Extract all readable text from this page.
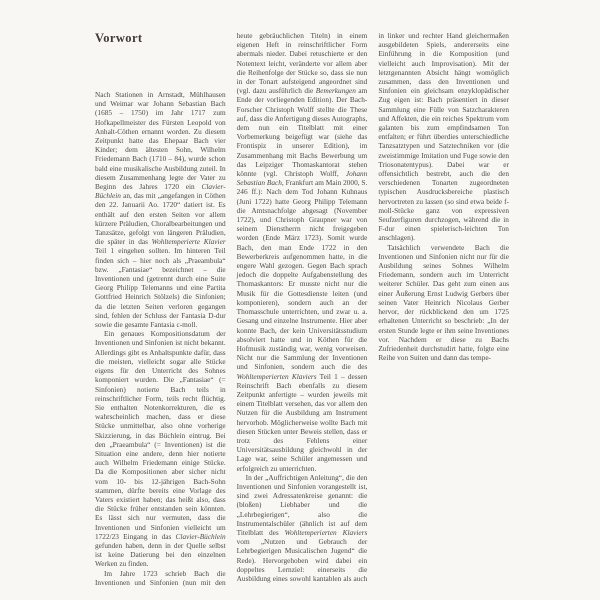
Vorwort

Nach Stationen in Arnstadt, Mühlhausen und Weimar war Johann Sebastian Bach (1685 – 1750) im Jahr 1717 zum Hofkapellmeister des Fürsten Leopold von Anhalt-Cöthen ernannt worden. Zu diesem Zeitpunkt hatte das Ehepaar Bach vier Kinder; dem ältesten Sohn, Wilhelm Friedemann Bach (1710 – 84), wurde schon bald eine musikalische Ausbildung zuteil. In diesem Zusammenhang legte der Vater zu Beginn des Jahres 1720 ein Clavier-Büchlein an, das mit „angefangen in Cöthen den 22. Januarii Ao. 1720“ datiert ist. Es enthält auf den ersten Seiten vor allem kürzere Präludien, Choralbearbeitungen und Tanzsätze, gefolgt von längeren Präludien, die später in das Wohltemperierte Klavier Teil 1 eingehen sollten. Im hinteren Teil finden sich – hier noch als „Praeambula“ bzw. „Fantasiae“ bezeichnet – die Inventionen und (getrennt durch eine Suite Georg Philipp Telemanns und eine Partita Gottfried Heinrich Stölzels) die Sinfonien; da die letzten Seiten verloren gegangen sind, fehlen der Schluss der Fantasia D-dur sowie die gesamte Fantasia c-moll.

Ein genaues Kompositionsdatum der Inventionen und Sinfonien ist nicht bekannt. Allerdings gibt es Anhaltspunkte dafür, dass die meisten, vielleicht sogar alle Stücke eigens für den Unterricht des Sohnes komponiert wurden. Die „Fantasiae“ (= Sinfonien) notierte Bach teils in reinschriftlicher Form, teils recht flüchtig. Sie enthalten Notenkorrekturen, die es wahrscheinlich machen, dass er diese Stücke unmittelbar, also ohne vorherige Skizzierung, in das Büchlein eintrug. Bei den „Praeambula“ (= Inventionen) ist die Situation eine andere, denn hier notierte auch Wilhelm Friedemann einige Stücke. Da die Kompositionen aber sicher nicht vom 10- bis 12-jährigen Bach-Sohn stammen, dürfte bereits eine Vorlage des Vaters existiert haben; das heißt also, dass die Stücke früher entstanden sein könnten. Es lässt sich nur vermuten, dass die Inventionen und Sinfonien vielleicht um 1722/23 Eingang in das Clavier-Büchlein gefunden haben, denn in der Quelle selbst ist keine Datierung bei den einzelnen Werken zu finden.

Im Jahre 1723 schrieb Bach die Inventionen und Sinfonien (nun mit den heute gebräuchlichen Titeln) in einem eigenen Heft in reinschriftlicher Form abermals nieder. Dabei retuschierte er den Notentext leicht, veränderte vor allem aber die Reihenfolge der Stücke so, dass sie nun in der Tonart aufsteigend angeordnet sind (vgl. dazu ausführlich die Bemerkungen am Ende der vorliegenden Edition). Der Bach-Forscher Christoph Wolff stellte die These auf, dass die Anfertigung dieses Autographs, dem nun ein Titelblatt mit einer Vorbemerkung beigefügt war (siehe das Frontispiz in unserer Edition), im Zusammenhang mit Bachs Bewerbung um das Leipziger Thomaskantorat stehen könnte (vgl. Christoph Wolff, Johann Sebastian Bach, Frankfurt am Main 2000, S. 246 ff.): Nach dem Tod Johann Kuhnaus (Juni 1722) hatte Georg Philipp Telemann die Amtsnachfolge abgesagt (November 1722), und Christoph Graupner war von seinem Dienstherrn nicht freigegeben worden (Ende März 1723). Somit wurde Bach, den man Ende 1722 in den Bewerberkreis aufgenommen hatte, in die engere Wahl gezogen. Gegen Bach sprach jedoch die doppelte Aufgabenstellung des Thomaskantors: Er musste nicht nur die Musik für die Gottesdienste leiten (und komponieren), sondern auch an der Thomasschule unterrichten, und zwar u. a. Gesang und einzelne Instrumente. Hier aber konnte Bach, der kein Universitätsstudium absolviert hatte und in Köthen für die Hofmusik zuständig war, wenig vorweisen. Nicht nur die Sammlung der Inventionen und Sinfonien, sondern auch die des Wohltemperierten Klaviers Teil 1 – dessen Reinschrift Bach ebenfalls zu diesem Zeitpunkt anfertigte – wurden jeweils mit einem Titelblatt versehen, das vor allem den Nutzen für die Ausbildung am Instrument hervorhob. Möglicherweise wollte Bach mit diesen Stücken unter Beweis stellen, dass er trotz des Fehlens einer Universitätsausbildung gleichwohl in der Lage war, seine Schüler angemessen und erfolgreich zu unterrichten.

In der „Auffrichtigen Anleitung“, die den Inventionen und Sinfonien vorangestellt ist, sind zwei Adressatenkreise genannt: die (bloßen) Liebhaber und die „Lehrbegierigen“, also die Instrumentalschüler (ähnlich ist auf dem Titelblatt des Wohltemperierten Klaviers vom „Nutzen und Gebrauch der Lehrbegierigen Musicalischen Jugend“ die Rede). Hervorgehoben wird dabei ein doppeltes Lernziel: einerseits die Ausbildung eines sowohl kantablen als auch in linker und rechter Hand gleichermaßen ausgebildeten Spiels, andererseits eine Einführung in die Komposition (und vielleicht auch Improvisation). Mit der letztgenannten Absicht hängt womöglich zusammen, dass den Inventionen und Sinfonien ein gleichsam enzyklopädischer Zug eigen ist: Bach präsentiert in dieser Sammlung eine Fülle von Satzcharakteren und Affekten, die ein reiches Spektrum vom galanten bis zum empfindsamen Ton entfalten; er führt überdies unterschiedliche Tanzsatztypen und Satztechniken vor (die zweistimmige Imitation und Fuge sowie den Triosonatentypus). Dabei war er offensichtlich bestrebt, auch die den verschiedenen Tonarten zugeordneten typischen Ausdrucksbereiche plastisch hervortreten zu lassen (so sind etwa beide f-moll-Stücke ganz von expressiven Seufzerfiguren durchzogen, während die in F-dur einen spielerisch-leichten Ton anschlagen).

Tatsächlich verwendete Bach die Inventionen und Sinfonien nicht nur für die Ausbildung seines Sohnes Wilhelm Friedemann, sondern auch im Unterricht weiterer Schüler. Das geht zum einen aus einer Äußerung Ernst Ludwig Gerbers über seinen Vater Heinrich Nicolaus Gerber hervor, der rückblickend den um 1725 erhaltenen Unterricht so beschrieb: „In der ersten Stunde legte er ihm seine Inventiones vor. Nachdem er diese zu Bachs Zufriedenheit durchstudirt hatte, folgte eine Reihe von Suiten und dann das tempe-
